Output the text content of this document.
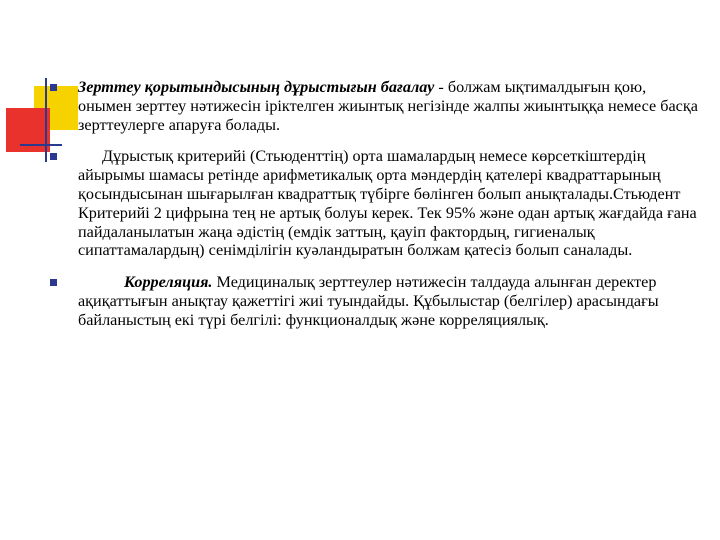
Зерттеу қорытындысының дұрыстығын бағалау - болжам ықтималдығын қою, онымен зерттеу нәтижесін іріктелген жиынтық негізінде жалпы жиынтыққа немесе басқа зерттеулерге апаруға болады.

Дұрыстық критерийі (Стьюденттің) орта шамалардың немесе көрсеткіштердің айырымы шамасы ретінде арифметикалық орта мәндердің қателері квадраттарының қосындысынан шығарылған квадраттық түбірге бөлінген болып анықталады.Стьюдент Критерийі 2 цифрына тең не артық болуы керек. Тек 95% және одан артық жағдайда ғана пайдаланылатын жаңа әдістің (емдік заттың, қауіп фактордың, гигиеналық сипаттамалардың) сенімділігін куәландыратын болжам қатесіз болып саналады.

Корреляция. Медициналық зерттеулер нәтижесін талдауда алынған деректер ақиқаттығын анықтау қажеттігі жиі туындайды. Құбылыстар (белгілер) арасындағы байланыстың екі түрі белгілі: функционалдық және корреляциялық.
